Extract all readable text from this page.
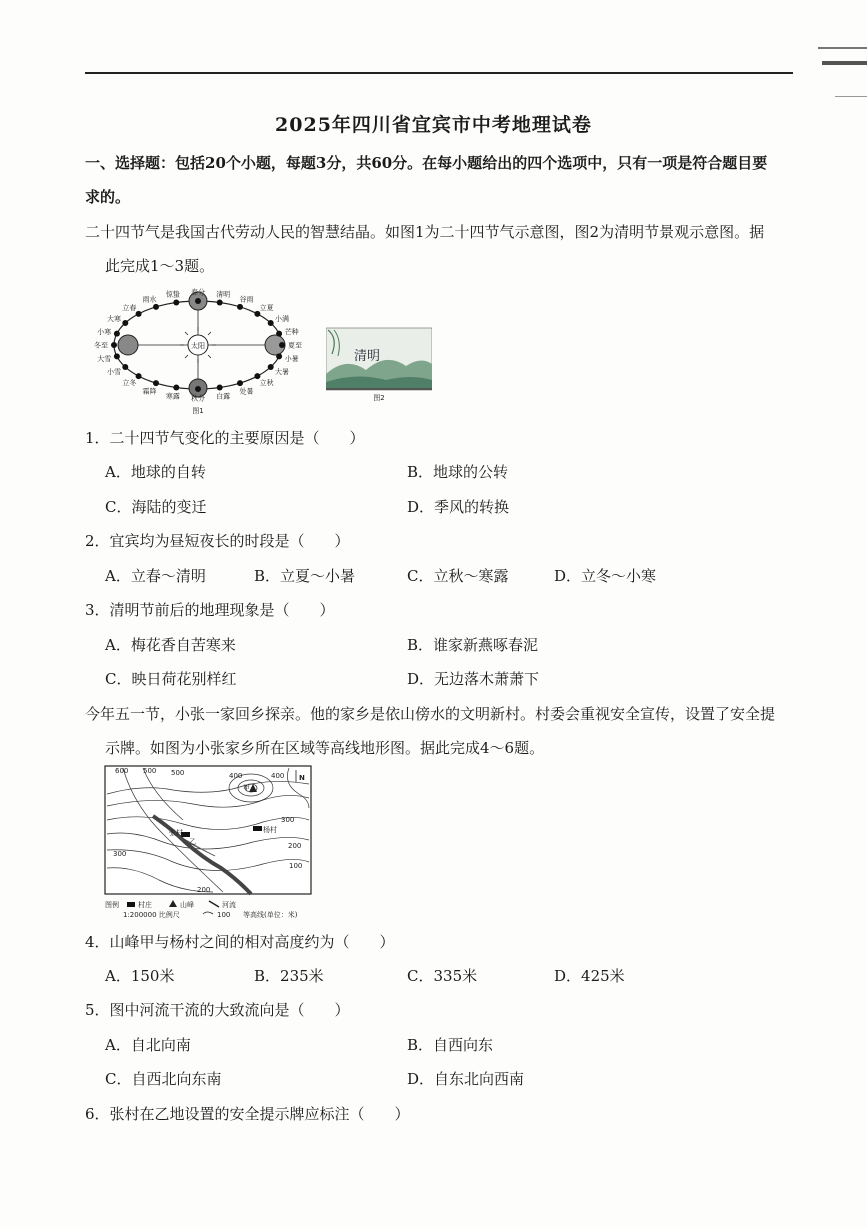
2025年四川省宜宾市中考地理试卷
一、选择题：包括20个小题，每题3分，共60分。在每小题给出的四个选项中，只有一项是符合题目要
求的。
二十四节气是我国古代劳动人民的智慧结晶。如图1为二十四节气示意图，图2为清明节景观示意图。据
此完成1～3题。
太阳
春分 清明
谷雨
立夏
小满
芒种
夏至
小暑
大暑
立秋
处暑
白露
秋分
寒露
霜降
立冬
小雪
大雪
冬至
小寒
大寒
立春
雨水
惊蛰
图1
清明
图2
1．二十四节气变化的主要原因是（　　）
A．地球的自转	B．地球的公转
C．海陆的变迁	D．季风的转换
2．宜宾均为昼短夜长的时段是（　　）
A．立春～清明	B．立夏～小暑	C．立秋～寒露	D．立冬～小寒
3．清明节前后的地理现象是（　　）
A．梅花香自苦寒来	B．谁家新燕啄春泥
C．映日荷花别样红	D．无边落木萧萧下
今年五一节，小张一家回乡探亲。他的家乡是依山傍水的文明新村。村委会重视安全宣传，设置了安全提
示牌。如图为小张家乡所在区域等高线地形图。据此完成4～6题。
600 500 500	400
300
400
300
200
200
100
甲
杨村
张村
乙
N
图例	村庄	山峰	河流
1:200000 比例尺	100 等高线(单位：米)
4．山峰甲与杨村之间的相对高度约为（　　）
A．150米	B．235米	C．335米	D．425米
5．图中河流干流的大致流向是（　　）
A．自北向南	B．自西向东
C．自西北向东南	D．自东北向西南
6．张村在乙地设置的安全提示牌应标注（　　）
